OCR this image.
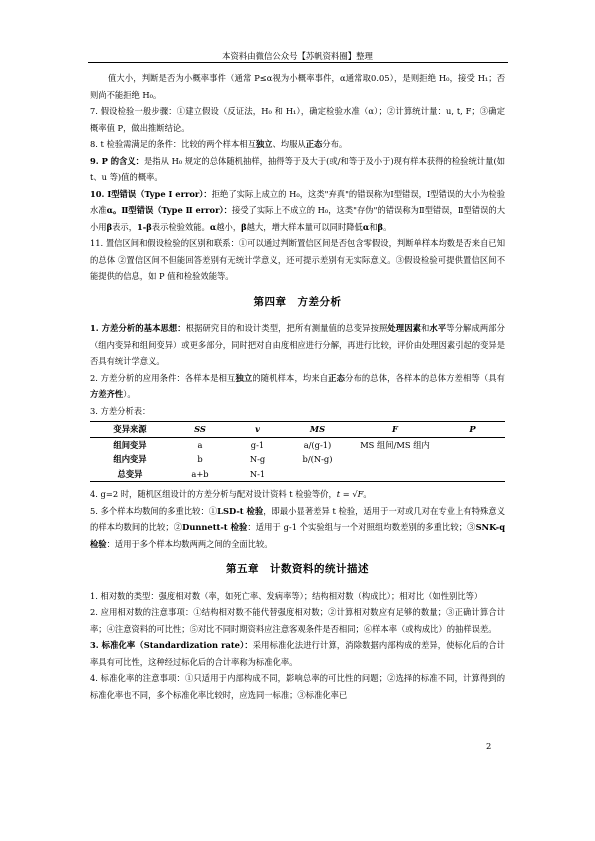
本资料由微信公众号【苏帆资料圈】整理

值大小，判断是否为小概率事件（通常 P≤α视为小概率事件，α通常取0.05），是则拒绝 H₀，接受 H₁；否则尚不能拒绝 H₀。

7. 假设检验一般步骤：①建立假设（反证法，H₀ 和 H₁），确定检验水准（α）；②计算统计量：u, t, F；③确定概率值 P，做出推断结论。

8. t 检验需满足的条件：比较的两个样本相互独立、均服从正态分布。

9. P 的含义：是指从 H₀ 规定的总体随机抽样，抽得等于及大于(或/和等于及小于)现有样本获得的检验统计量(如 t、u 等)值的概率。

10. Ⅰ型错误（Type Ⅰ error）：拒绝了实际上成立的 H₀，这类"弃真"的错误称为Ⅰ型错误，Ⅰ型错误的大小为检验水准α。Ⅱ型错误（Type Ⅱ error）：接受了实际上不成立的 H₀，这类"存伪"的错误称为Ⅱ型错误，Ⅱ型错误的大小用β表示，1-β表示检验效能。α越小，β越大，增大样本量可以同时降低α和β。

11. 置信区间和假设检验的区别和联系：①可以通过判断置信区间是否包含零假设，判断单样本均数是否来自已知的总体 ②置信区间不但能回答差别有无统计学意义，还可提示差别有无实际意义。③假设检验可提供置信区间不能提供的信息，如 P 值和检验效能等。

第四章　方差分析

1. 方差分析的基本思想：根据研究目的和设计类型，把所有测量值的总变异按照处理因素和水平等分解成两部分（组内变异和组间变异）或更多部分，同时把对自由度相应进行分解，再进行比较，评价由处理因素引起的变异是否具有统计学意义。

2. 方差分析的应用条件：各样本是相互独立的随机样本，均来自正态分布的总体，各样本的总体方差相等（具有方差齐性）。

3. 方差分析表：

变异来源	SS	v	MS	F	P
组间变异	a	g-1	a/(g-1)	MS 组间/MS 组内	
组内变异	b	N-g	b/(N-g)		
总变异	a+b	N-1			

4. g=2 时，随机区组设计的方差分析与配对设计资料 t 检验等价，t = √F。

5. 多个样本均数间的多重比较：①LSD-t 检验，即最小显著差异 t 检验，适用于一对或几对在专业上有特殊意义的样本均数间的比较；②Dunnett-t 检验：适用于 g-1 个实验组与一个对照组均数差别的多重比较；③SNK-q 检验：适用于多个样本均数两两之间的全面比较。

第五章　计数资料的统计描述

1. 相对数的类型：强度相对数（率，如死亡率、发病率等）；结构相对数（构成比）；相对比（如性别比等）

2. 应用相对数的注意事项：①结构相对数不能代替强度相对数；②计算相对数应有足够的数量；③正确计算合计率；④注意资料的可比性；⑤对比不同时期资料应注意客观条件是否相同；⑥样本率（或构成比）的抽样误差。

3. 标准化率（Standardization rate）：采用标准化法进行计算，消除数据内部构成的差异，使标化后的合计率具有可比性，这种经过标化后的合计率称为标准化率。

4. 标准化率的注意事项：①只适用于内部构成不同，影响总率的可比性的问题；②选择的标准不同，计算得到的标准化率也不同，多个标准化率比较时，应选同一标准；③标准化率已

2
